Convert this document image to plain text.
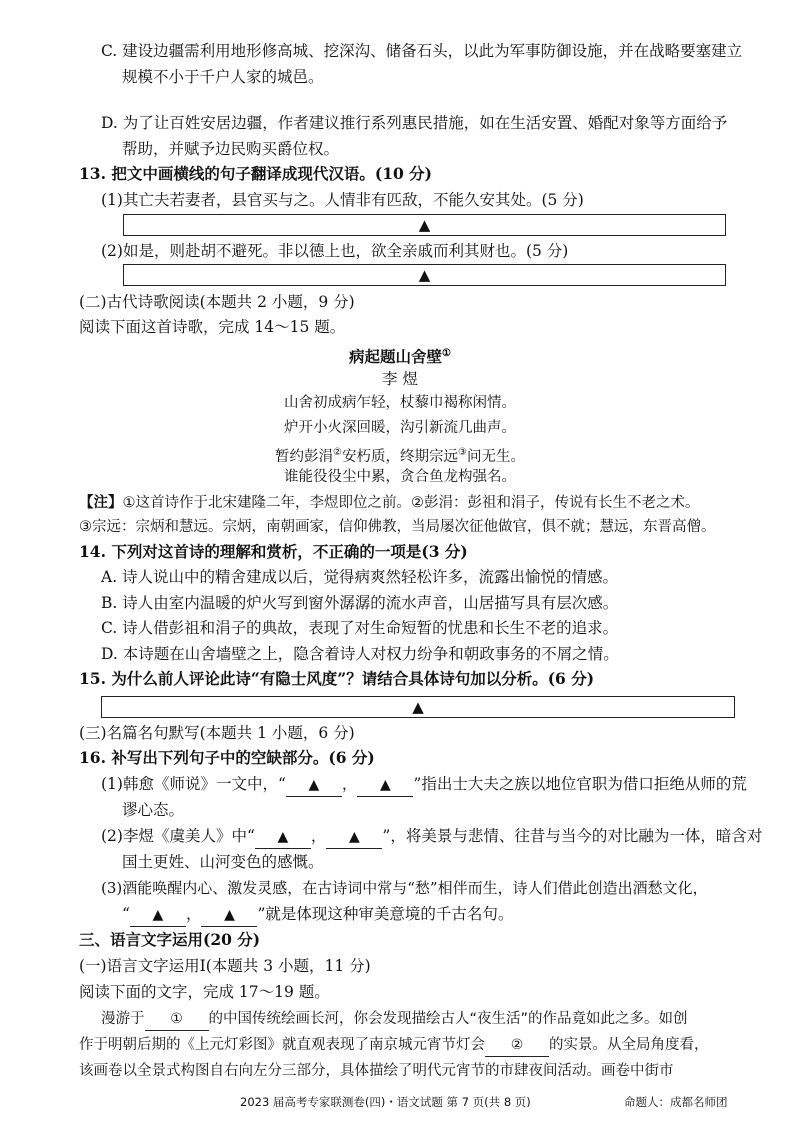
C. 建设边疆需利用地形修高城、挖深沟、储备石头，以此为军事防御设施，并在战略要塞建立
规模不小于千户人家的城邑。
D. 为了让百姓安居边疆，作者建议推行系列惠民措施，如在生活安置、婚配对象等方面给予
帮助，并赋予边民购买爵位权。
13. 把文中画横线的句子翻译成现代汉语。(10 分)
(1)其亡夫若妻者，县官买与之。人情非有匹敌，不能久安其处。(5 分)
▲
(2)如是，则赴胡不避死。非以德上也，欲全亲戚而利其财也。(5 分)
▲
(二)古代诗歌阅读(本题共 2 小题，9 分)
阅读下面这首诗歌，完成 14～15 题。
病起题山舍壁①
李 煜
山舍初成病乍轻，杖藜巾褐称闲情。
炉开小火深回暖，沟引新流几曲声。
暂约彭涓②安朽质，终期宗远③问无生。
谁能役役尘中累，贪合鱼龙构强名。
【注】①这首诗作于北宋建隆二年，李煜即位之前。②彭涓：彭祖和涓子，传说有长生不老之术。
③宗远：宗炳和慧远。宗炳，南朝画家，信仰佛教，当局屡次征他做官，俱不就；慧远，东晋高僧。
14. 下列对这首诗的理解和赏析，不正确的一项是(3 分)
A. 诗人说山中的精舍建成以后，觉得病爽然轻松许多，流露出愉悦的情感。
B. 诗人由室内温暖的炉火写到窗外潺潺的流水声音，山居描写具有层次感。
C. 诗人借彭祖和涓子的典故，表现了对生命短暂的忧患和长生不老的追求。
D. 本诗题在山舍墙壁之上，隐含着诗人对权力纷争和朝政事务的不屑之情。
15. 为什么前人评论此诗“有隐士风度”？请结合具体诗句加以分析。(6 分)
▲
(三)名篇名句默写(本题共 1 小题，6 分)
16. 补写出下列句子中的空缺部分。(6 分)
(1)韩愈《师说》一文中，“ ▲ ， ▲ ”指出士大夫之族以地位官职为借口拒绝从师的荒
谬心态。
(2)李煜《虞美人》中“ ▲ ， ▲ ”，将美景与悲情、往昔与当今的对比融为一体，暗含对
国土更姓、山河变色的感慨。
(3)酒能唤醒内心、激发灵感，在古诗词中常与“愁”相伴而生，诗人们借此创造出酒愁文化，
“ ▲ ， ▲ ”就是体现这种审美意境的千古名句。
三、语言文字运用(20 分)
(一)语言文字运用Ⅰ(本题共 3 小题，11 分)
阅读下面的文字，完成 17～19 题。
漫游于 ① 的中国传统绘画长河，你会发现描绘古人“夜生活”的作品竟如此之多。如创
作于明朝后期的《上元灯彩图》就直观表现了南京城元宵节灯会 ② 的实景。从全局角度看，
该画卷以全景式构图自右向左分三部分，具体描绘了明代元宵节的市肆夜间活动。画卷中街市
2023 届高考专家联测卷(四)・语文试题 第 7 页(共 8 页)	命题人：成都名师团
